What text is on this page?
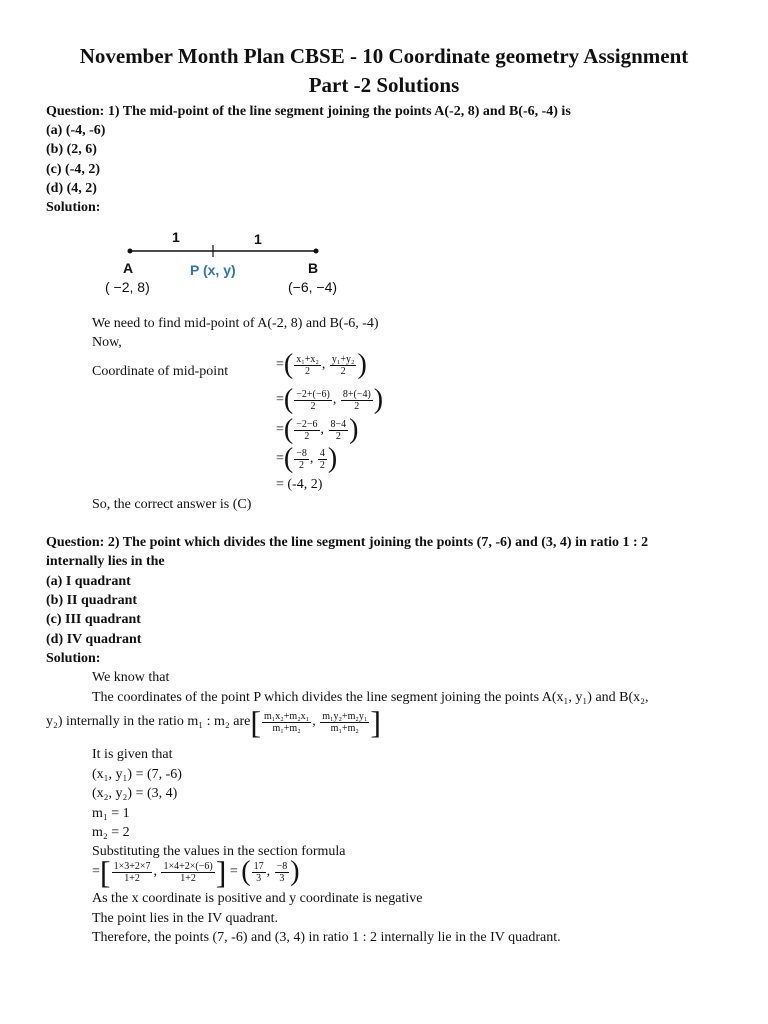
November Month Plan CBSE - 10 Coordinate geometry Assignment
Part -2 Solutions
Question: 1) The mid-point of the line segment joining the points A(-2, 8) and B(-6, -4) is
(a) (-4, -6)
(b) (2, 6)
(c) (-4, 2)
(d) (4, 2)
Solution:
1	1
A	P (x, y)	B
( −2, 8)	(−6, −4)
We need to find mid-point of A(-2, 8) and B(-6, -4)
Now,
Coordinate of mid-point	= ( $\frac{\text{x₁+x₂}}{2}$ , $\frac{\text{y₁+y₂}}{2}$ )
= ( $\frac{-2+(-6)}{2}$ , $\frac{8+(-4)}{2}$ )
= ( $\frac{-2-6}{2}$ , $\frac{8-4}{2}$ )
= ( $\frac{-8}{2}$ , $\frac{4}{2}$ )
= (-4, 2)
So, the correct answer is (C)
Question: 2) The point which divides the line segment joining the points (7, -6) and (3, 4) in ratio 1 : 2
internally lies in the
(a) I quadrant
(b) II quadrant
(c) III quadrant
(d) IV quadrant
Solution:
We know that
The coordinates of the point P which divides the line segment joining the points A(x₁, y₁) and B(x₂,
y₂) internally in the ratio m₁ : m₂ are [ $\frac{\text{m₁x₂+m₂x₁}}{\text{m₁+m₂}}$ , $\frac{\text{m₁y₂+m₂y₁}}{\text{m₁+m₂}}$ ]
It is given that
(x₁, y₁) = (7, -6)
(x₂, y₂) = (3, 4)
m₁ = 1
m₂ = 2
Substituting the values in the section formula
= [ $\frac{1\times 3+2\times 7}{1+2}$ , $\frac{1\times 4+2\times(-6)}{1+2}$ ] = ( $\frac{17}{3}$ , $\frac{-8}{3}$ )
As the x coordinate is positive and y coordinate is negative
The point lies in the IV quadrant.
Therefore, the points (7, -6) and (3, 4) in ratio 1 : 2 internally lie in the IV quadrant.
